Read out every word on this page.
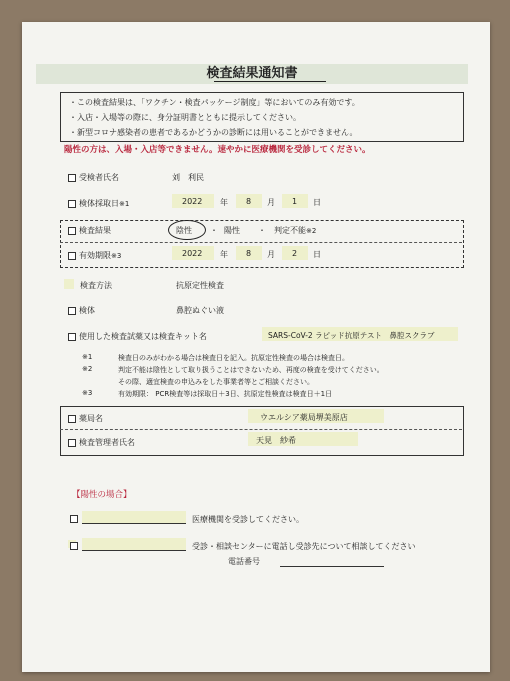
検査結果通知書
・この検査結果は、「ワクチン・検査パッケージ制度」等においてのみ有効です。
・入店・入場等の際に、身分証明書とともに提示してください。
・新型コロナ感染者の患者であるかどうかの診断には用いることができません。
陽性の方は、入場・入店等できません。速やかに医療機関を受診してください。
受検者氏名	刘　利民
検体採取日※1	2022 年 8 月 1 日
検査結果	陰性 ・ 陽性 ・ 判定不能※2
有効期限※3	2022 年 8 月 2 日
検査方法	抗原定性検査
検体	鼻腔ぬぐい液
使用した検査試薬又は検査キット名	SARS-CoV-2 ラピッド抗原テスト　鼻腔スクラブ
※1	検査日のみがわかる場合は検査日を記入。抗原定性検査の場合は検査日。
※2	判定不能は陰性として取り扱うことはできないため、再度の検査を受けてください。
その際、適宜検査の申込みをした事業者等とご相談ください。
※3	有効期限： PCR検査等は採取日＋3日、抗原定性検査は検査日＋1日
薬局名	ウエルシア薬局堺美原店
検査管理者氏名	天見　紗希
【陽性の場合】
医療機関を受診してください。
受診・相談センターに電話し受診先について相談してください
電話番号
